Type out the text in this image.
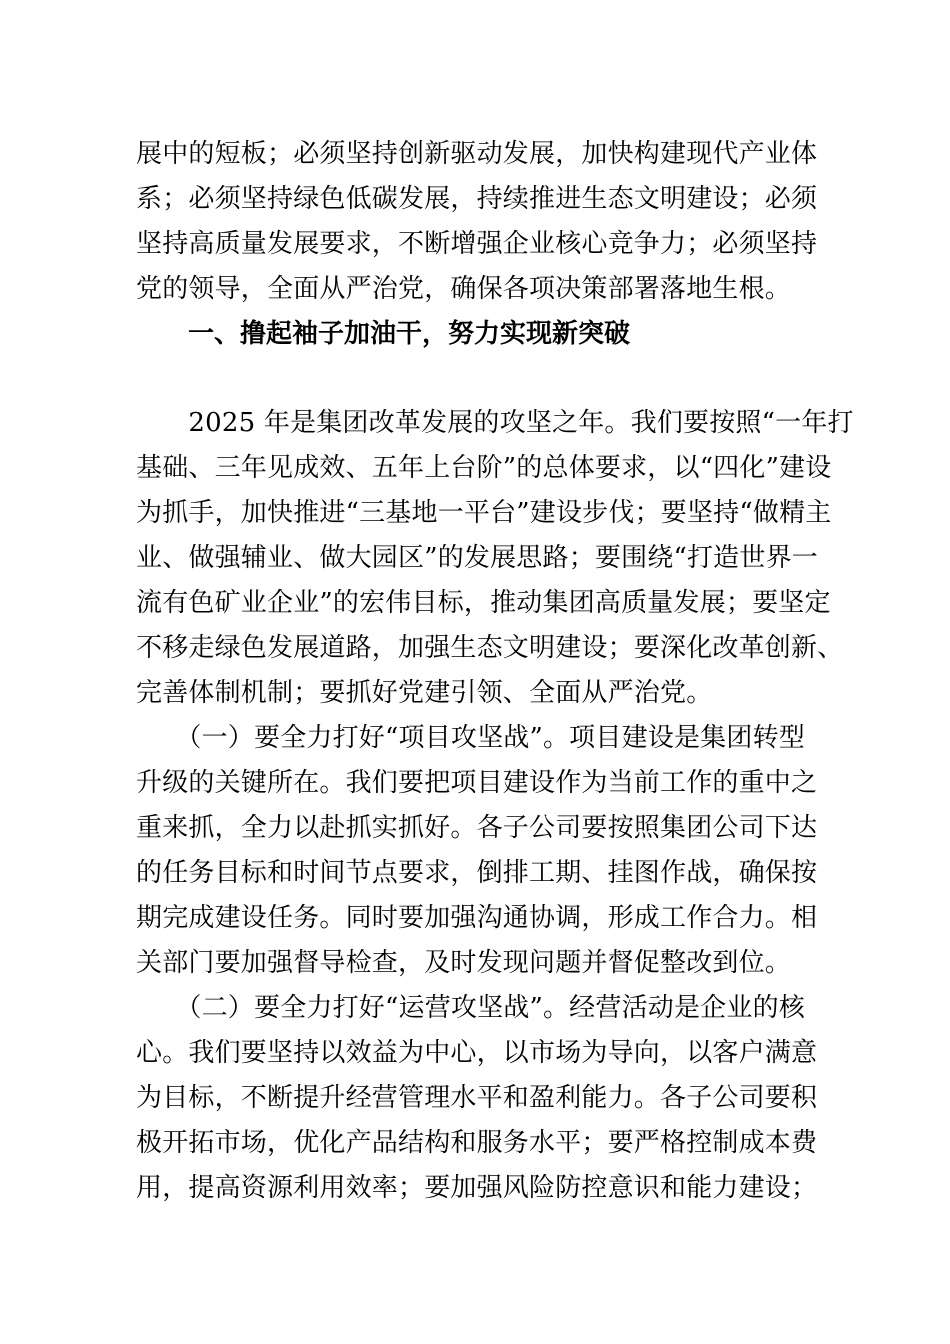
展中的短板；必须坚持创新驱动发展，加快构建现代产业体
系；必须坚持绿色低碳发展，持续推进生态文明建设；必须
坚持高质量发展要求，不断增强企业核心竞争力；必须坚持
党的领导，全面从严治党，确保各项决策部署落地生根。
一、撸起袖子加油干，努力实现新突破
　　2025 年是集团改革发展的攻坚之年。我们要按照“一年打
基础、三年见成效、五年上台阶”的总体要求，以“四化”建设
为抓手，加快推进“三基地一平台”建设步伐；要坚持“做精主
业、做强辅业、做大园区”的发展思路；要围绕“打造世界一
流有色矿业企业”的宏伟目标，推动集团高质量发展；要坚定
不移走绿色发展道路，加强生态文明建设；要深化改革创新、
完善体制机制；要抓好党建引领、全面从严治党。
　　（一）要全力打好“项目攻坚战”。项目建设是集团转型
升级的关键所在。我们要把项目建设作为当前工作的重中之
重来抓，全力以赴抓实抓好。各子公司要按照集团公司下达
的任务目标和时间节点要求，倒排工期、挂图作战，确保按
期完成建设任务。同时要加强沟通协调，形成工作合力。相
关部门要加强督导检查，及时发现问题并督促整改到位。
　　（二）要全力打好“运营攻坚战”。经营活动是企业的核
心。我们要坚持以效益为中心，以市场为导向，以客户满意
为目标，不断提升经营管理水平和盈利能力。各子公司要积
极开拓市场，优化产品结构和服务水平；要严格控制成本费
用，提高资源利用效率；要加强风险防控意识和能力建设；
